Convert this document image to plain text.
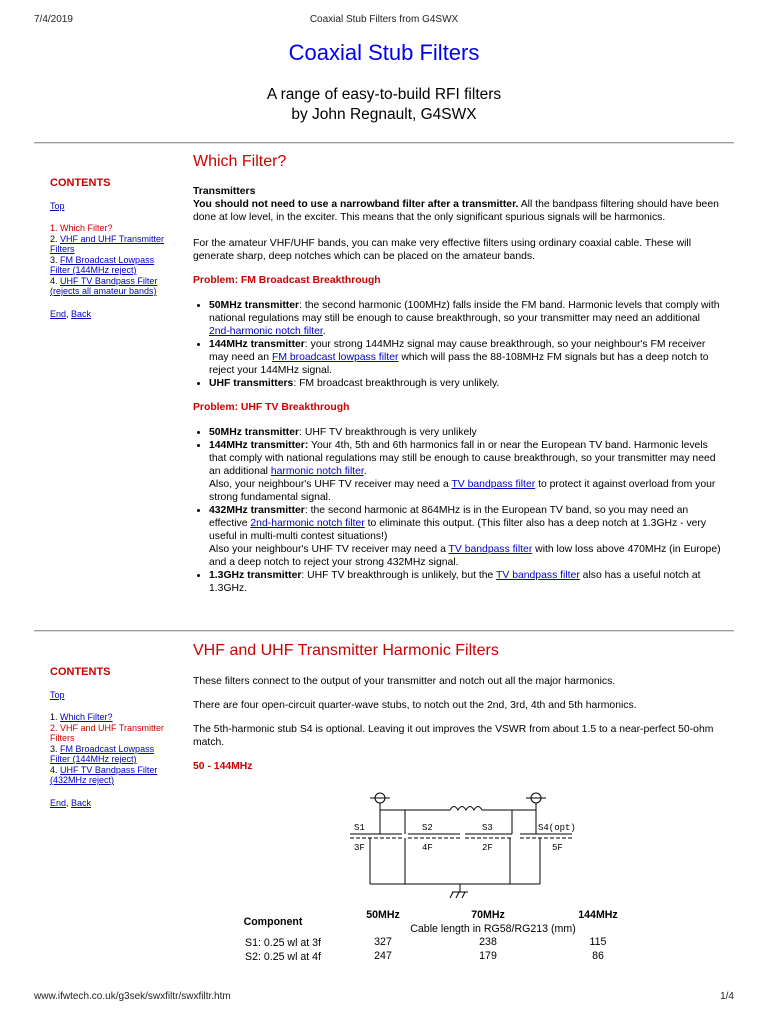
7/4/2019	Coaxial Stub Filters from G4SWX
Coaxial Stub Filters
A range of easy-to-build RFI filters
by John Regnault, G4SWX
CONTENTS
Top
1. Which Filter?
2. VHF and UHF Transmitter Filters
3. FM Broadcast Lowpass Filter (144MHz reject)
4. UHF TV Bandpass Filter (rejects all amateur bands)
End, Back
Which Filter?

Transmitters

You should not need to use a narrowband filter after a transmitter. All the bandpass filtering should have been done at low level, in the exciter. This means that the only significant spurious signals will be harmonics.

For the amateur VHF/UHF bands, you can make very effective filters using ordinary coaxial cable. These will generate sharp, deep notches which can be placed on the amateur bands.

Problem: FM Broadcast Breakthrough

• 50MHz transmitter: the second harmonic (100MHz) falls inside the FM band. Harmonic levels that comply with national regulations may still be enough to cause breakthrough, so your transmitter may need an additional 2nd-harmonic notch filter.
• 144MHz transmitter: your strong 144MHz signal may cause breakthrough, so your neighbour's FM receiver may need an FM broadcast lowpass filter which will pass the 88-108MHz FM signals but has a deep notch to reject your 144MHz signal.
• UHF transmitters: FM broadcast breakthrough is very unlikely.

Problem: UHF TV Breakthrough

• 50MHz transmitter: UHF TV breakthrough is very unlikely
• 144MHz transmitter: Your 4th, 5th and 6th harmonics fall in or near the European TV band. Harmonic levels that comply with national regulations may still be enough to cause breakthrough, so your transmitter may need an additional harmonic notch filter.
Also, your neighbour's UHF TV receiver may need a TV bandpass filter to protect it against overload from your strong fundamental signal.
• 432MHz transmitter: the second harmonic at 864MHz is in the European TV band, so you may need an effective 2nd-harmonic notch filter to eliminate this output. (This filter also has a deep notch at 1.3GHz - very useful in multi-multi contest situations!)
Also your neighbour's UHF TV receiver may need a TV bandpass filter with low loss above 470MHz (in Europe) and a deep notch to reject your strong 432MHz signal.
• 1.3GHz transmitter: UHF TV breakthrough is unlikely, but the TV bandpass filter also has a useful notch at 1.3GHz.
CONTENTS
Top
1. Which Filter?
2. VHF and UHF Transmitter Filters
3. FM Broadcast Lowpass Filter (144MHz reject)
4. UHF TV Bandpass Filter (432MHz reject)
End, Back
VHF and UHF Transmitter Harmonic Filters

These filters connect to the output of your transmitter and notch out all the major harmonics.

There are four open-circuit quarter-wave stubs, to notch out the 2nd, 3rd, 4th and 5th harmonics.

The 5th-harmonic stub S4 is optional. Leaving it out improves the VSWR from about 1.5 to a near-perfect 50-ohm match.

50 - 144MHz

S1	S2	S3	S4(opt)
3F	4F	2F	5F
Component	50MHz	70MHz	144MHz
	Cable length in RG58/RG213 (mm)		
S1: 0.25 wl at 3f	327	238	115
S2: 0.25 wl at 4f	247	179	86
www.ifwtech.co.uk/g3sek/swxfiltr/swxfiltr.htm	1/4
